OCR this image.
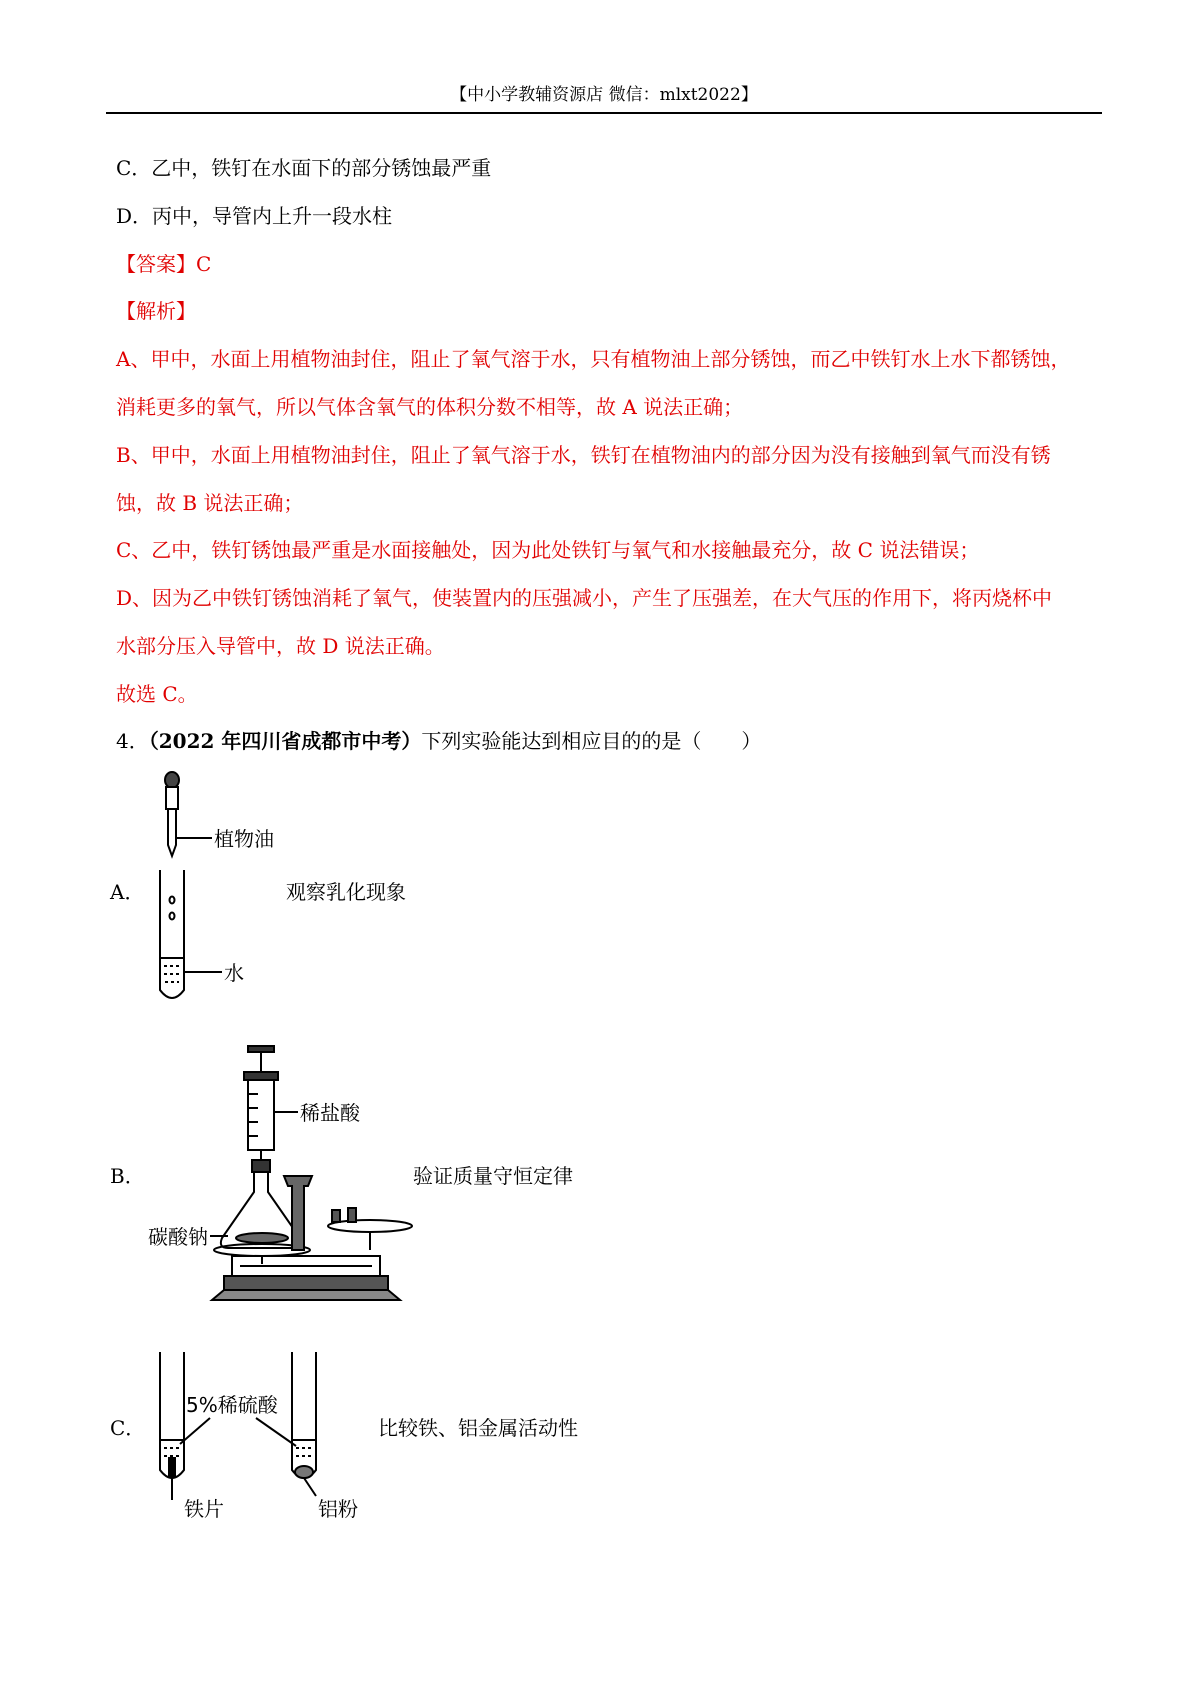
【中小学教辅资源店 微信：mlxt2022】
C．乙中，铁钉在水面下的部分锈蚀最严重
D．丙中，导管内上升一段水柱
【答案】C
【解析】
A、甲中，水面上用植物油封住，阻止了氧气溶于水，只有植物油上部分锈蚀，而乙中铁钉水上水下都锈蚀，
消耗更多的氧气，所以气体含氧气的体积分数不相等，故 A 说法正确；
B、甲中，水面上用植物油封住，阻止了氧气溶于水，铁钉在植物油内的部分因为没有接触到氧气而没有锈
蚀，故 B 说法正确；
C、乙中，铁钉锈蚀最严重是水面接触处，因为此处铁钉与氧气和水接触最充分，故 C 说法错误；
D、因为乙中铁钉锈蚀消耗了氧气，使装置内的压强减小，产生了压强差，在大气压的作用下，将丙烧杯中
水部分压入导管中，故 D 说法正确。
故选 C。
4．（2022 年四川省成都市中考）下列实验能达到相应目的的是（　　）
A．
植物油
水
观察乳化现象
B．
稀盐酸
碳酸钠
验证质量守恒定律
C．
铁片	铝粉
5%稀硫酸
比较铁、铝金属活动性
